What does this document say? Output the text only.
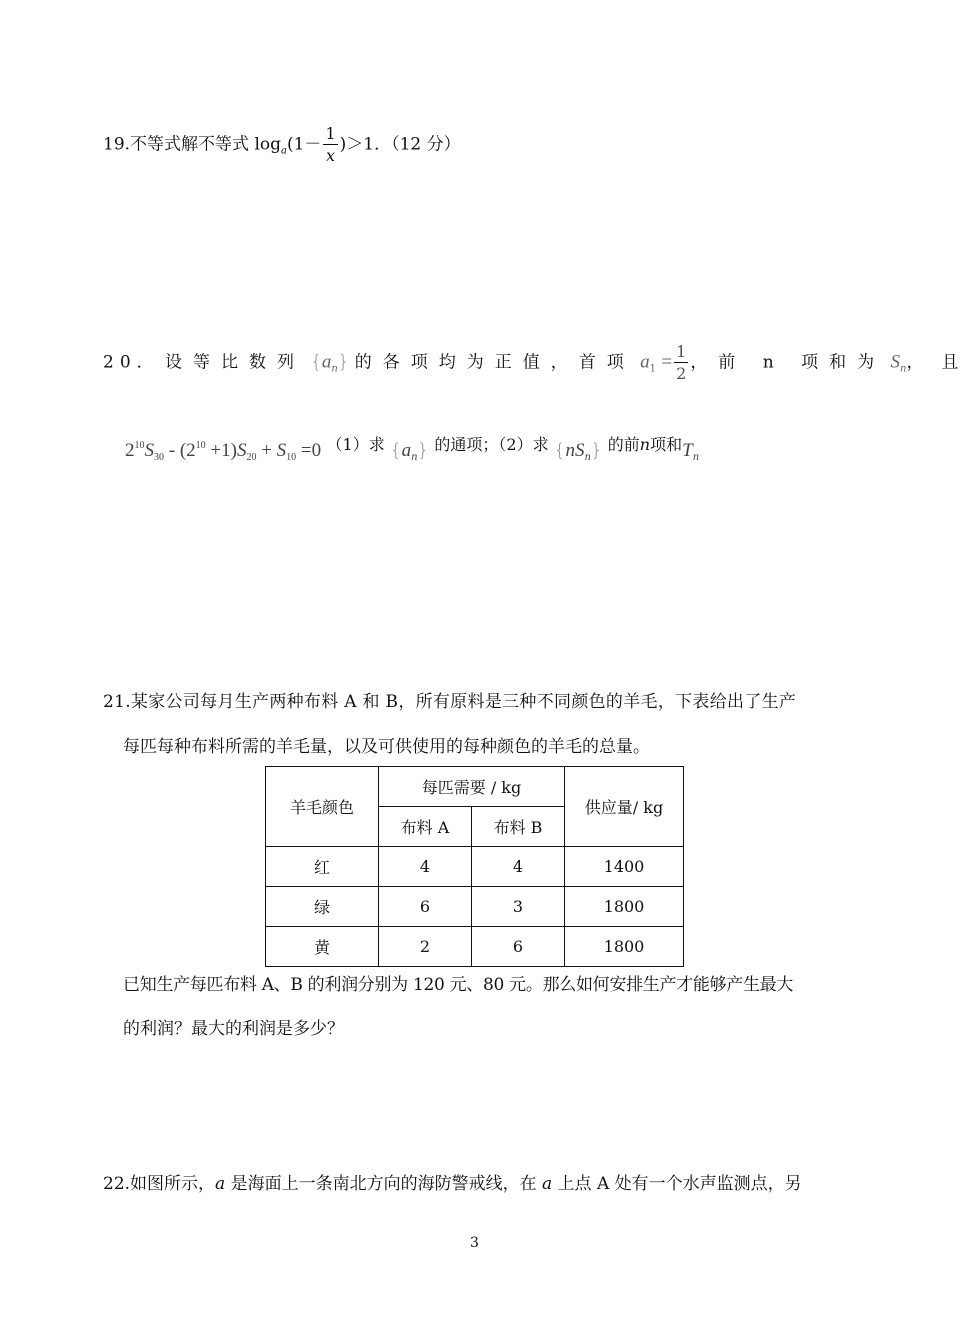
19.不等式解不等式 $\log_a(1- \frac{1}{x} )>1$．（12 分）
20． 设等比数列 $\{a_n\}$ 的各项均为正值，首项 $a_1 = \frac{1}{2}$ ，前 n 项和为 $S_n$，且
$2^{10}S_{30} - (2^{10} +1)S_{20} + S_{10} =0$ （1）求 $\{a_n\}$ 的通项；（2）求 $\{nS_n\}$ 的前n项和$T_n$
21.某家公司每月生产两种布料 A 和 B，所有原料是三种不同颜色的羊毛，下表给出了生产
每匹每种布料所需的羊毛量，以及可供使用的每种颜色的羊毛的总量。
羊毛颜色	每匹需要 / kg		供应量/ kg
	布料 A	布料 B	
红	4	4	1400
绿	6	3	1800
黄	2	6	1800
已知生产每匹布料 A、B 的利润分别为 120 元、80 元。那么如何安排生产才能够产生最大
的利润？最大的利润是多少？
22.如图所示，a 是海面上一条南北方向的海防警戒线，在 a 上点 A 处有一个水声监测点，另
3
